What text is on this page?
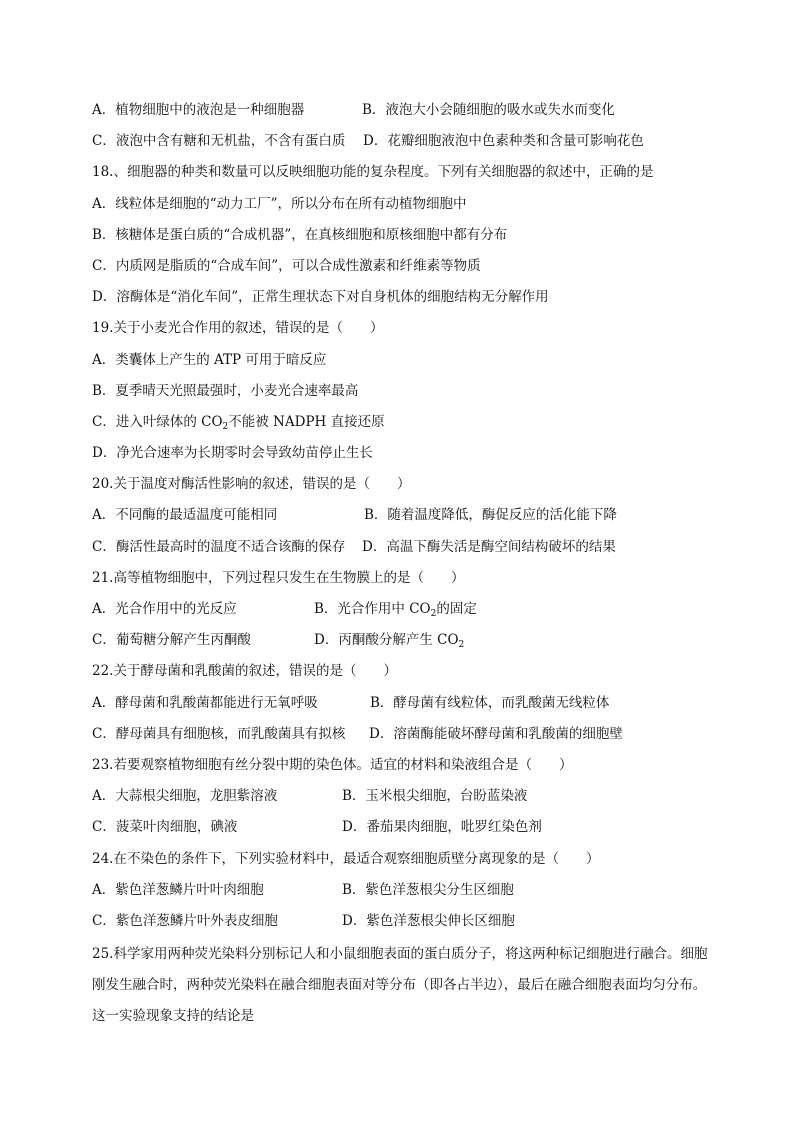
A．植物细胞中的液泡是一种细胞器	B．液泡大小会随细胞的吸水或失水而变化
C．液泡中含有糖和无机盐，不含有蛋白质 D．花瓣细胞液泡中色素种类和含量可影响花色
18.、细胞器的种类和数量可以反映细胞功能的复杂程度。下列有关细胞器的叙述中，正确的是
A．线粒体是细胞的“动力工厂”，所以分布在所有动植物细胞中
B．核糖体是蛋白质的“合成机器”，在真核细胞和原核细胞中都有分布
C．内质网是脂质的“合成车间”，可以合成性激素和纤维素等物质
D．溶酶体是“消化车间”，正常生理状态下对自身机体的细胞结构无分解作用
19.关于小麦光合作用的叙述，错误的是（　　）
A．类囊体上产生的 ATP 可用于暗反应
B．夏季晴天光照最强时，小麦光合速率最高
C．进入叶绿体的 $CO_2$不能被 NADPH 直接还原
D．净光合速率为长期零时会导致幼苗停止生长
20.关于温度对酶活性影响的叙述，错误的是（　　）
A．不同酶的最适温度可能相同	B．随着温度降低，酶促反应的活化能下降
C．酶活性最高时的温度不适合该酶的保存 D．高温下酶失活是酶空间结构破坏的结果
21.高等植物细胞中，下列过程只发生在生物膜上的是（　　）
A．光合作用中的光反应	B．光合作用中 $CO_2$的固定
C．葡萄糖分解产生丙酮酸	D．丙酮酸分解产生 $CO_2$
22.关于酵母菌和乳酸菌的叙述，错误的是（　　）
A．酵母菌和乳酸菌都能进行无氧呼吸	B．酵母菌有线粒体，而乳酸菌无线粒体
C．酵母菌具有细胞核，而乳酸菌具有拟核 D．溶菌酶能破坏酵母菌和乳酸菌的细胞壁
23.若要观察植物细胞有丝分裂中期的染色体。适宜的材料和染液组合是（　　）
A．大蒜根尖细胞，龙胆紫溶液	B．玉米根尖细胞，台盼蓝染液
C．菠菜叶肉细胞，碘液	D．番茄果肉细胞，吡罗红染色剂
24.在不染色的条件下，下列实验材料中，最适合观察细胞质壁分离现象的是（　　）
A．紫色洋葱鳞片叶叶肉细胞	B．紫色洋葱根尖分生区细胞
C．紫色洋葱鳞片叶外表皮细胞	D．紫色洋葱根尖伸长区细胞
25.科学家用两种荧光染料分别标记人和小鼠细胞表面的蛋白质分子，将这两种标记细胞进行融合。细胞刚发生融合时，两种荧光染料在融合细胞表面对等分布（即各占半边），最后在融合细胞表面均匀分布。这一实验现象支持的结论是
